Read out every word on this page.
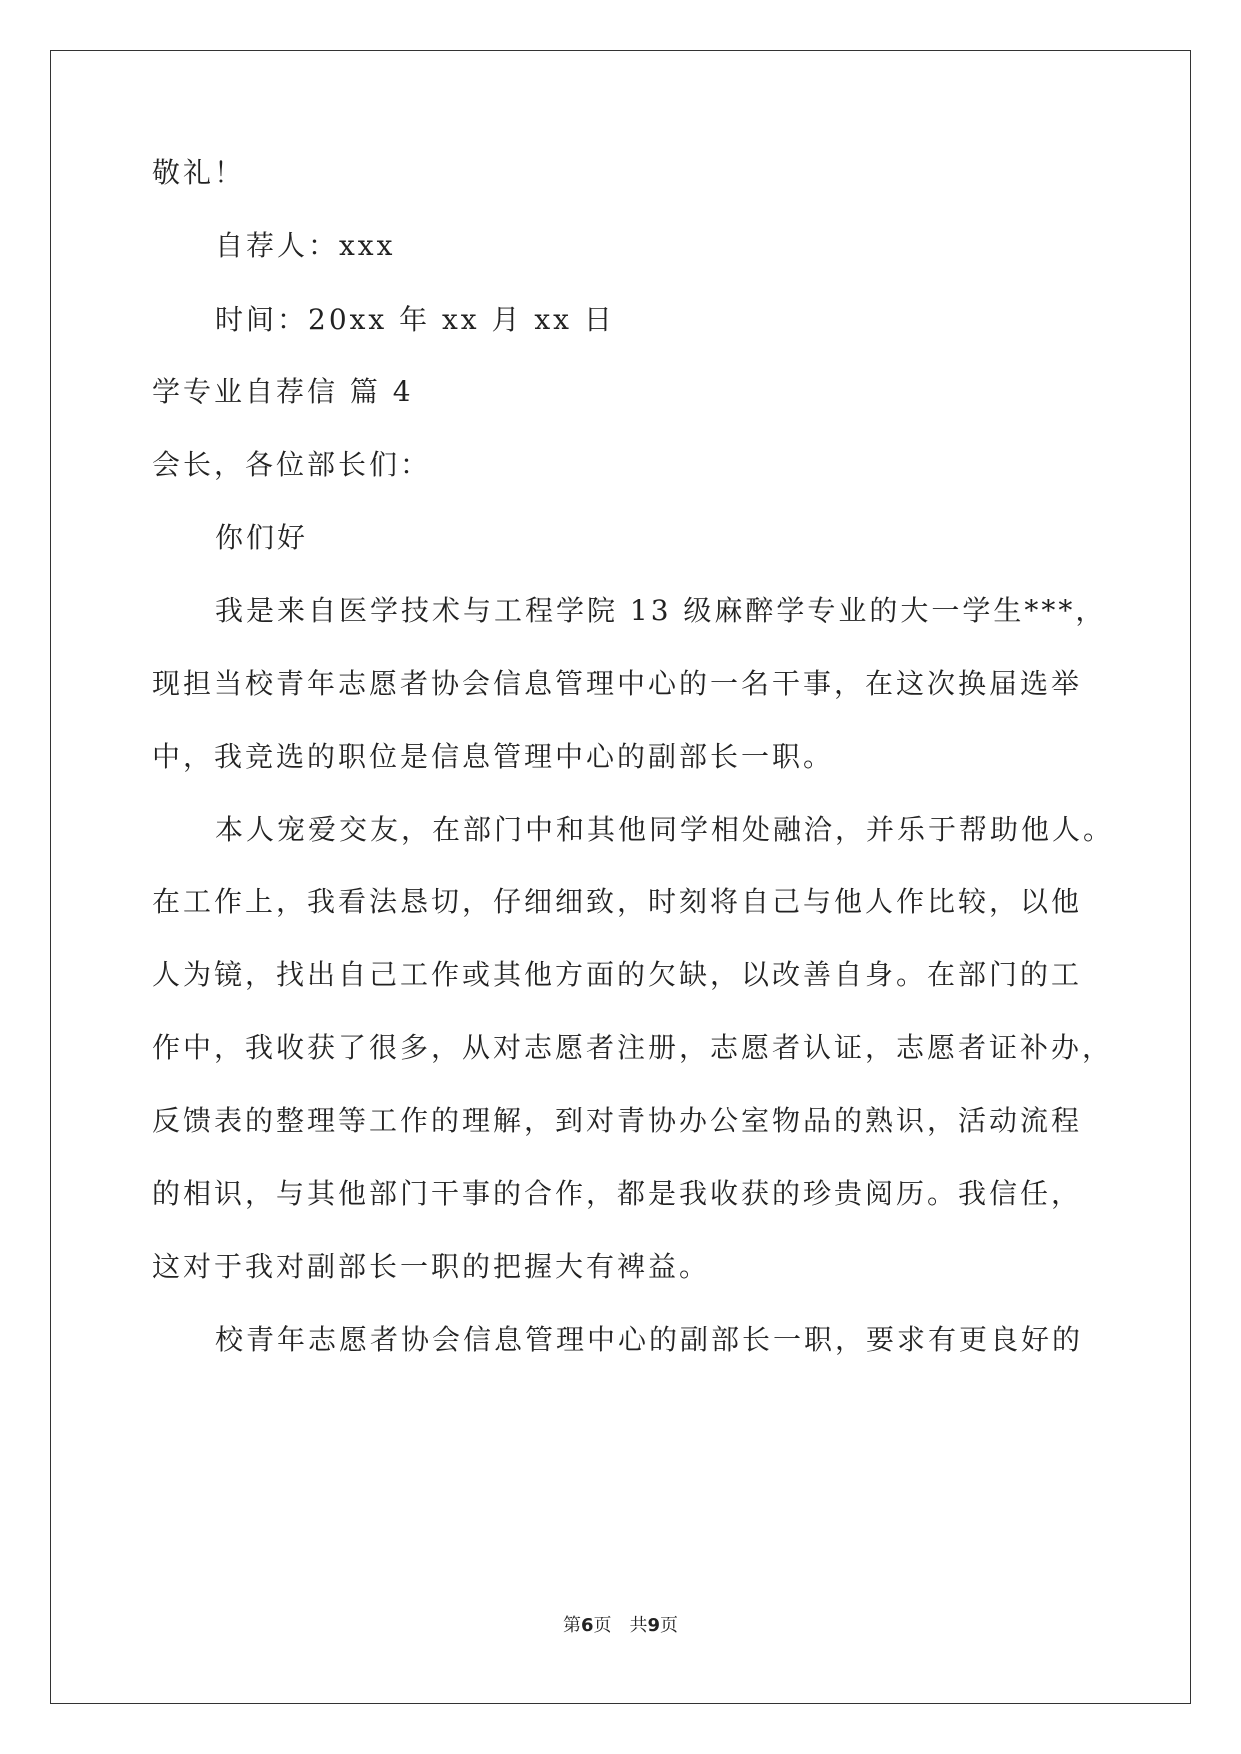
敬礼！
自荐人：xxx
时间：20xx 年 xx 月 xx 日
学专业自荐信 篇 4
会长，各位部长们：
你们好
我是来自医学技术与工程学院 13 级麻醉学专业的大一学生***，
现担当校青年志愿者协会信息管理中心的一名干事，在这次换届选举
中，我竞选的职位是信息管理中心的副部长一职。
本人宠爱交友，在部门中和其他同学相处融洽，并乐于帮助他人。
在工作上，我看法恳切，仔细细致，时刻将自己与他人作比较，以他
人为镜，找出自己工作或其他方面的欠缺，以改善自身。在部门的工
作中，我收获了很多，从对志愿者注册，志愿者认证，志愿者证补办，
反馈表的整理等工作的理解，到对青协办公室物品的熟识，活动流程
的相识，与其他部门干事的合作，都是我收获的珍贵阅历。我信任，
这对于我对副部长一职的把握大有裨益。
校青年志愿者协会信息管理中心的副部长一职，要求有更良好的
第6页　共9页
